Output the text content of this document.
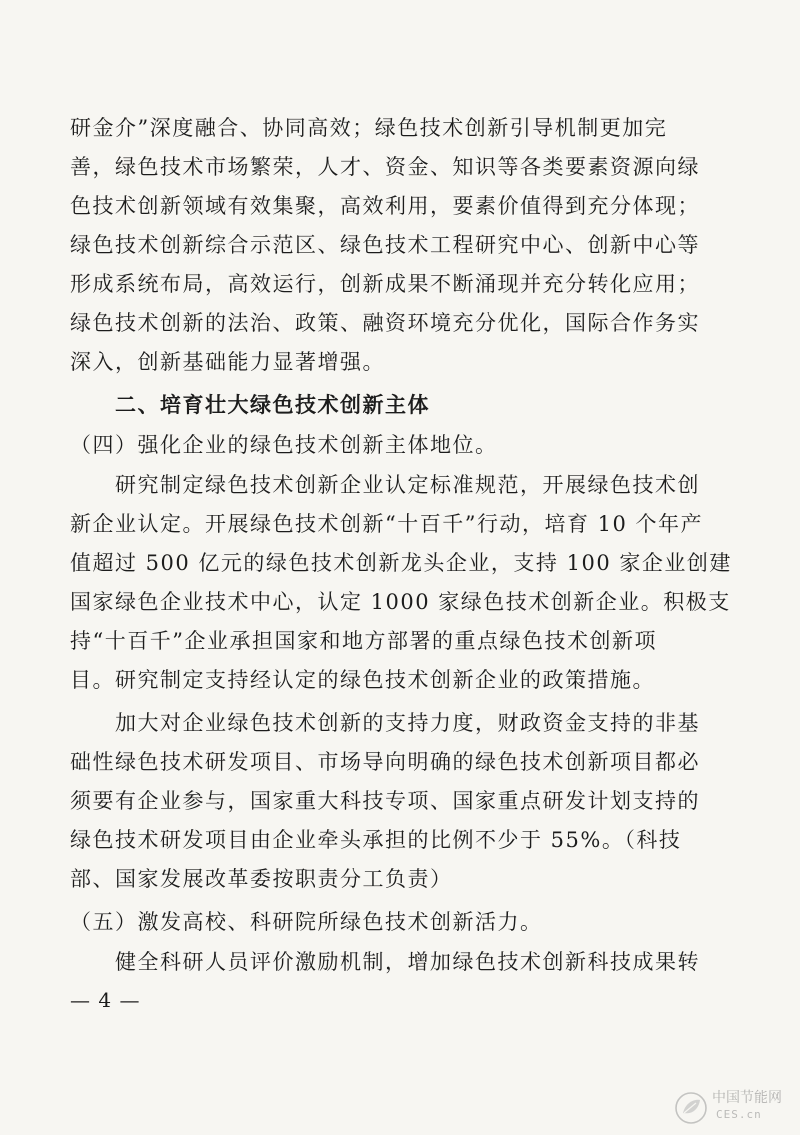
研金介”深度融合、协同高效；绿色技术创新引导机制更加完
善，绿色技术市场繁荣，人才、资金、知识等各类要素资源向绿
色技术创新领域有效集聚，高效利用，要素价值得到充分体现；
绿色技术创新综合示范区、绿色技术工程研究中心、创新中心等
形成系统布局，高效运行，创新成果不断涌现并充分转化应用；
绿色技术创新的法治、政策、融资环境充分优化，国际合作务实
深入，创新基础能力显著增强。
　　二、培育壮大绿色技术创新主体
（四）强化企业的绿色技术创新主体地位。
　　研究制定绿色技术创新企业认定标准规范，开展绿色技术创
新企业认定。开展绿色技术创新“十百千”行动，培育 10 个年产
值超过 500 亿元的绿色技术创新龙头企业，支持 100 家企业创建
国家绿色企业技术中心，认定 1000 家绿色技术创新企业。积极支
持“十百千”企业承担国家和地方部署的重点绿色技术创新项
目。研究制定支持经认定的绿色技术创新企业的政策措施。
　　加大对企业绿色技术创新的支持力度，财政资金支持的非基
础性绿色技术研发项目、市场导向明确的绿色技术创新项目都必
须要有企业参与，国家重大科技专项、国家重点研发计划支持的
绿色技术研发项目由企业牵头承担的比例不少于 55%。（科技
部、国家发展改革委按职责分工负责）
（五）激发高校、科研院所绿色技术创新活力。
　　健全科研人员评价激励机制，增加绿色技术创新科技成果转
— 4 —
中国节能网
CES.cn
